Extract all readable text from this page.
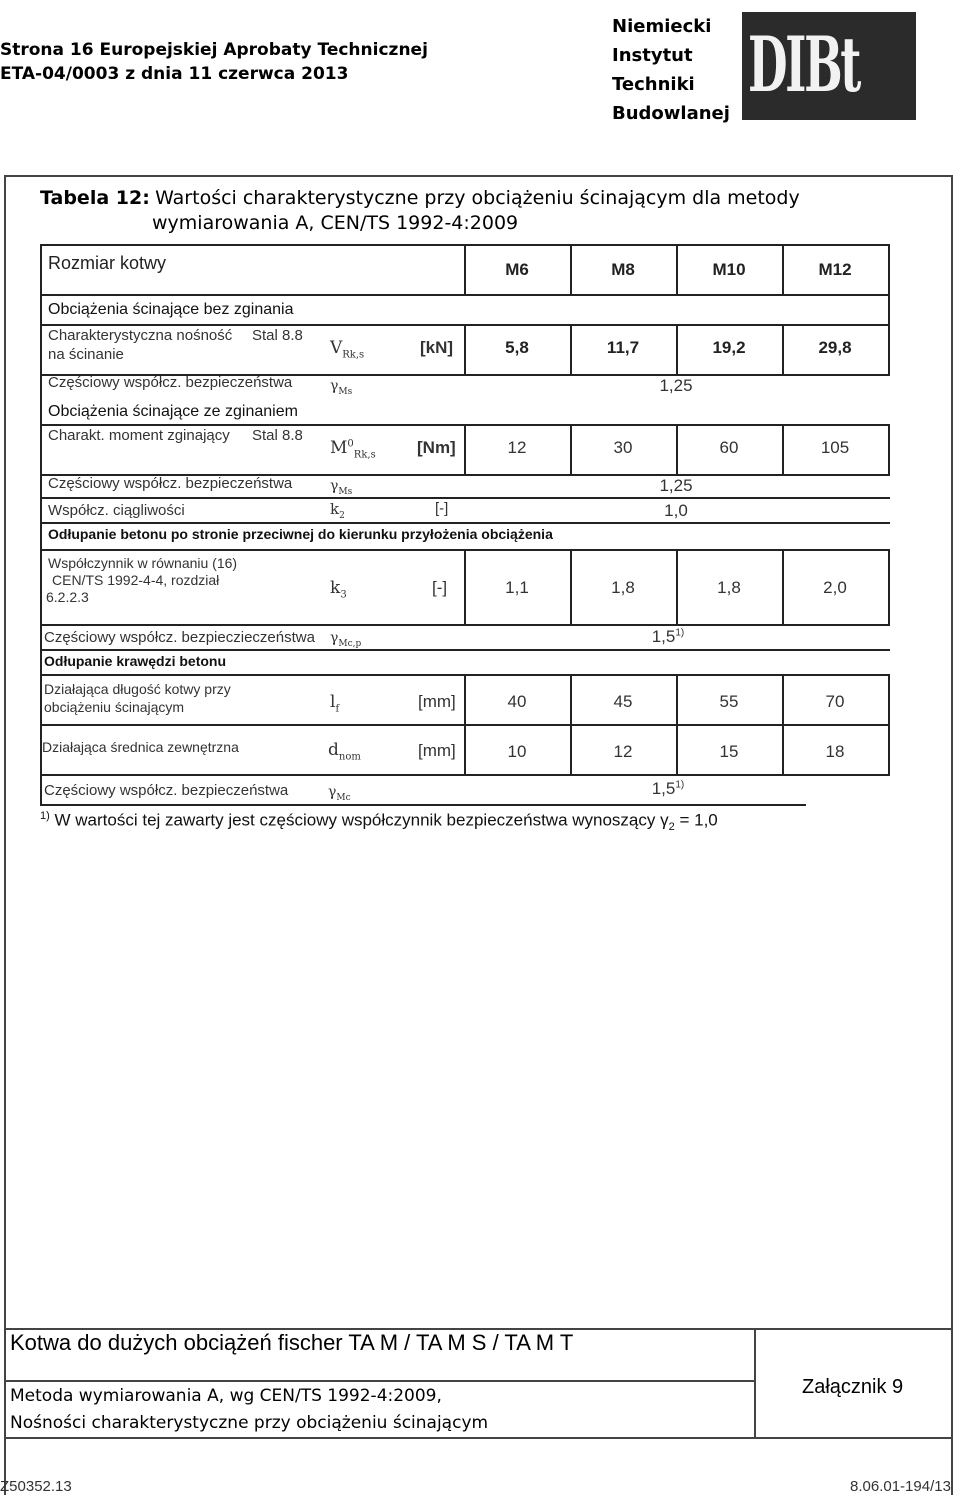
Strona 16 Europejskiej Aprobaty Technicznej
ETA-04/0003 z dnia 11 czerwca 2013
Niemiecki
Instytut
Techniki
Budowlanej
DIBt
Tabela 12: Wartości charakterystyczne przy obciążeniu ścinającym dla metody
wymiarowania A, CEN/TS 1992-4:2009
Rozmiar kotwy	M6	M8	M10	M12
Obciążenia ścinające bez zginania
Charakterystyczna nośność
na ścinanie
Stal 8.8
$V_{Rk,s}$	[kN]	5,8	11,7	19,2	29,8
Częściowy współcz. bezpieczeństwa	$\gamma_{Ms}$	1,25
Obciążenia ścinające ze zginaniem
Charakt. moment zginający Stal 8.8
$M^0_{Rk,s}$ [Nm]	12	30	60	105
Częściowy współcz. bezpieczeństwa	$\gamma_{Ms}$	1,25
Współcz. ciągliwości	$k_2$	[-]	1,0
Odłupanie betonu po stronie przeciwnej do kierunku przyłożenia obciążenia
Współczynnik w równaniu (16)
CEN/TS 1992-4-4, rozdział
6.2.2.3	$k_3$	[-]	1,1	1,8	1,8	2,0
Częściowy współcz. bezpieczieczeństwa $\gamma_{Mc,p}$	1,5$^{1)}$
Odłupanie krawędzi betonu
Działająca długość kotwy przy
obciążeniu ścinającym	$l_f$	[mm]	40	45	55	70
Działająca średnica zewnętrzna	$d_{nom}$	[mm]	10	12	15	18
Częściowy współcz. bezpieczeństwa	$\gamma_{Mc}$	1,5$^{1)}$
$^{1)}$ W wartości tej zawarty jest częściowy współczynnik bezpieczeństwa wynoszący $\gamma_2 = 1,0$
Kotwa do dużych obciążeń fischer TA M / TA M S / TA M T
Metoda wymiarowania A, wg CEN/TS 1992-4:2009,
Nośności charakterystyczne przy obciążeniu ścinającym
Załącznik 9
Z50352.13	8.06.01-194/13
